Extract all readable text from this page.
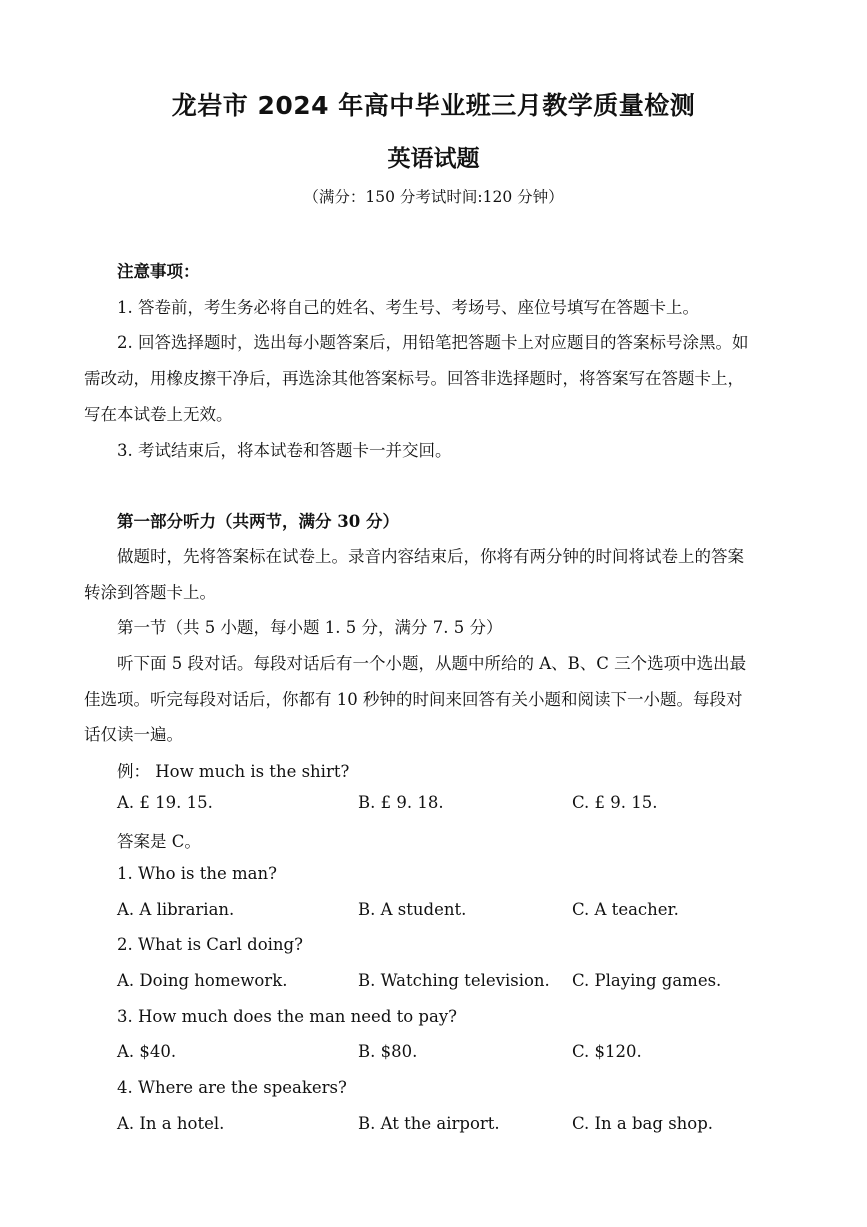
龙岩市 2024 年高中毕业班三月教学质量检测
英语试题
（满分：150 分考试时间:120 分钟）
注意事项：
1. 答卷前，考生务必将自己的姓名、考生号、考场号、座位号填写在答题卡上。
2. 回答选择题时，选出每小题答案后，用铅笔把答题卡上对应题目的答案标号涂黑。如
需改动，用橡皮擦干净后，再选涂其他答案标号。回答非选择题时，将答案写在答题卡上，
写在本试卷上无效。
3. 考试结束后，将本试卷和答题卡一并交回。
第一部分听力（共两节，满分 30 分）
做题时，先将答案标在试卷上。录音内容结束后，你将有两分钟的时间将试卷上的答案
转涂到答题卡上。
第一节（共 5 小题，每小题 1. 5 分，满分 7. 5 分）
听下面 5 段对话。每段对话后有一个小题，从题中所给的 A、B、C 三个选项中选出最
佳选项。听完每段对话后，你都有 10 秒钟的时间来回答有关小题和阅读下一小题。每段对
话仅读一遍。
例： How much is the shirt?
A. £ 19. 15.	B. £ 9. 18.	C. £ 9. 15.
答案是 C。
1. Who is the man?
A. A librarian.	B. A student.	C. A teacher.
2. What is Carl doing?
A. Doing homework.	B. Watching television. C. Playing games.
3. How much does the man need to pay?
A. $40.	B. $80.	C. $120.
4. Where are the speakers?
A. In a hotel.	B. At the airport.	C. In a bag shop.
